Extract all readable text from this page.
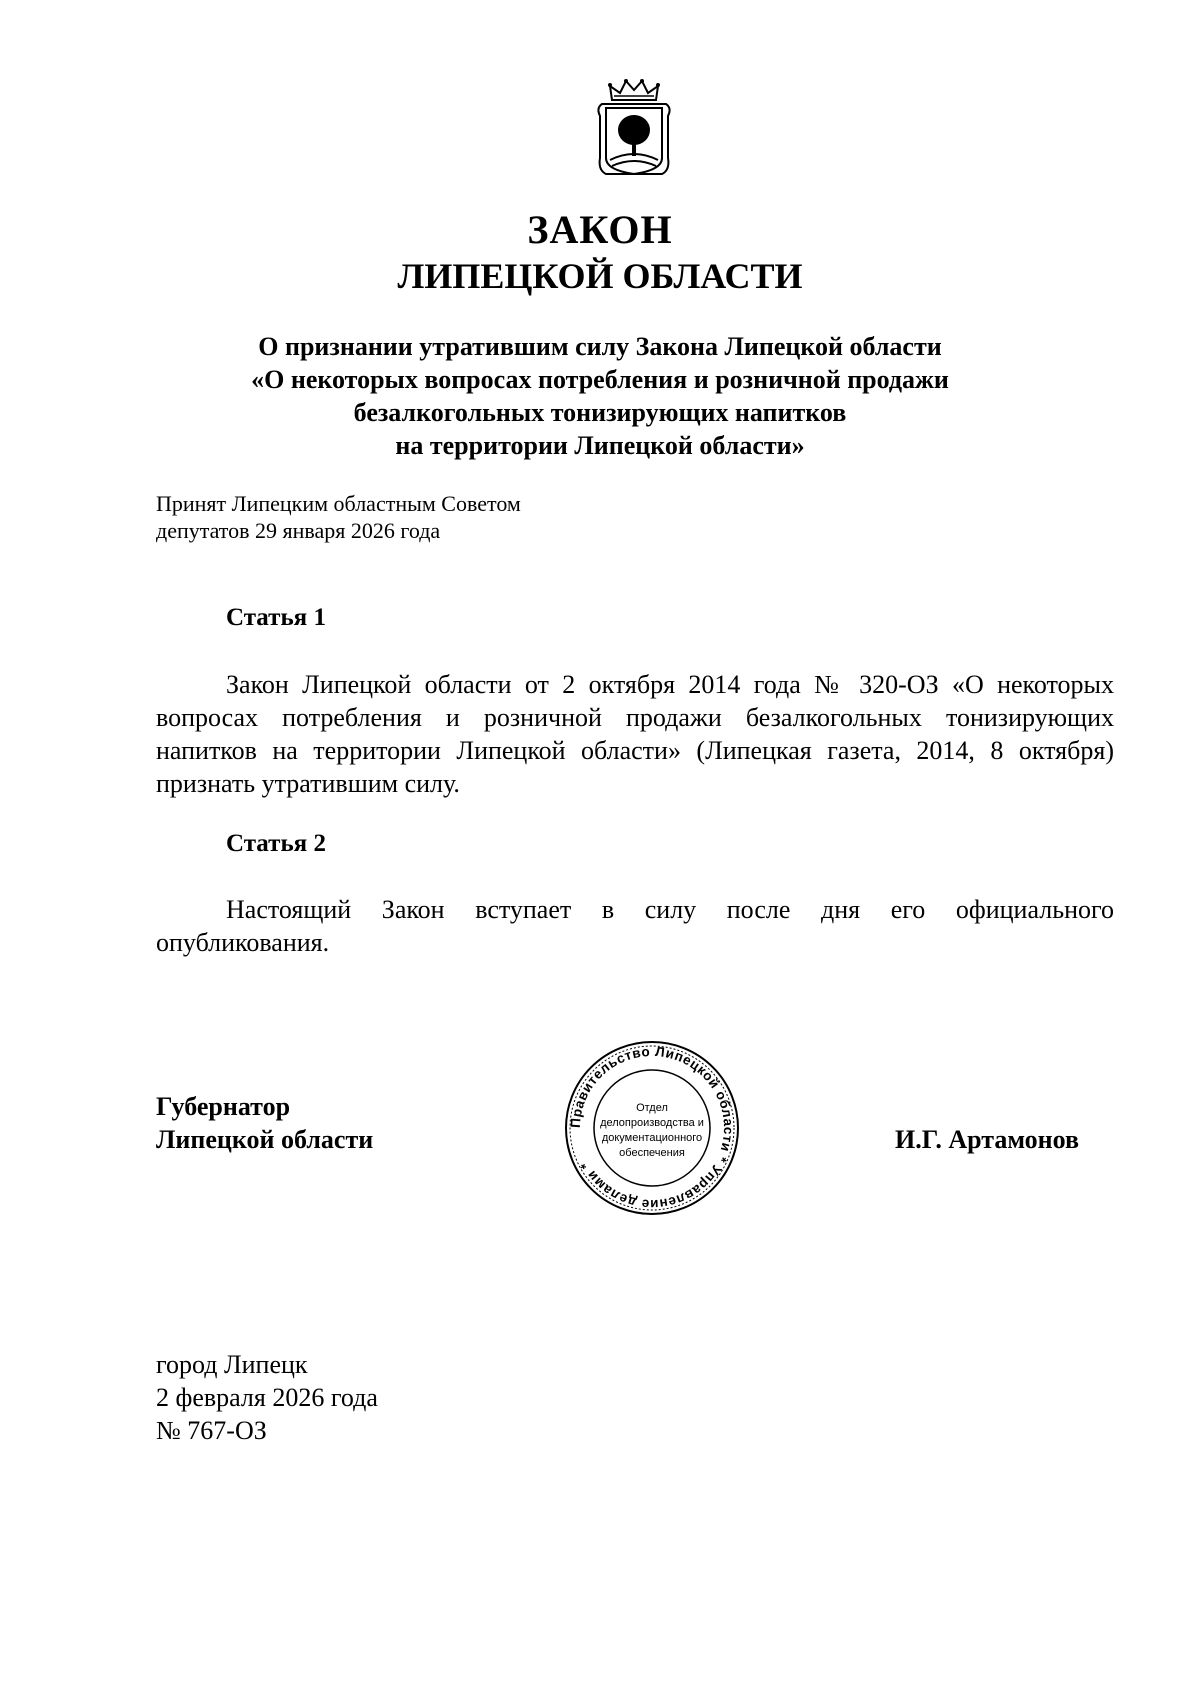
ЗАКОН
ЛИПЕЦКОЙ ОБЛАСТИ
О признании утратившим силу Закона Липецкой области
«О некоторых вопросах потребления и розничной продажи
безалкогольных тонизирующих напитков
на территории Липецкой области»
Принят Липецким областным Советом
депутатов 29 января 2026 года
Статья 1
Закон Липецкой области от 2 октября 2014 года № 320-ОЗ «О некоторых
вопросах потребления и розничной продажи безалкогольных тонизирующих
напитков на территории Липецкой области» (Липецкая газета, 2014, 8 октября)
признать утратившим силу.
Статья 2
Настоящий Закон вступает в силу после дня его официального
опубликования.
Губернатор
Липецкой области
Правительство Липецкой области * Управление делами *
Отдел
делопроизводства и
документационного
обеспечения	И.Г. Артамонов
город Липецк
2 февраля 2026 года
№ 767-ОЗ
